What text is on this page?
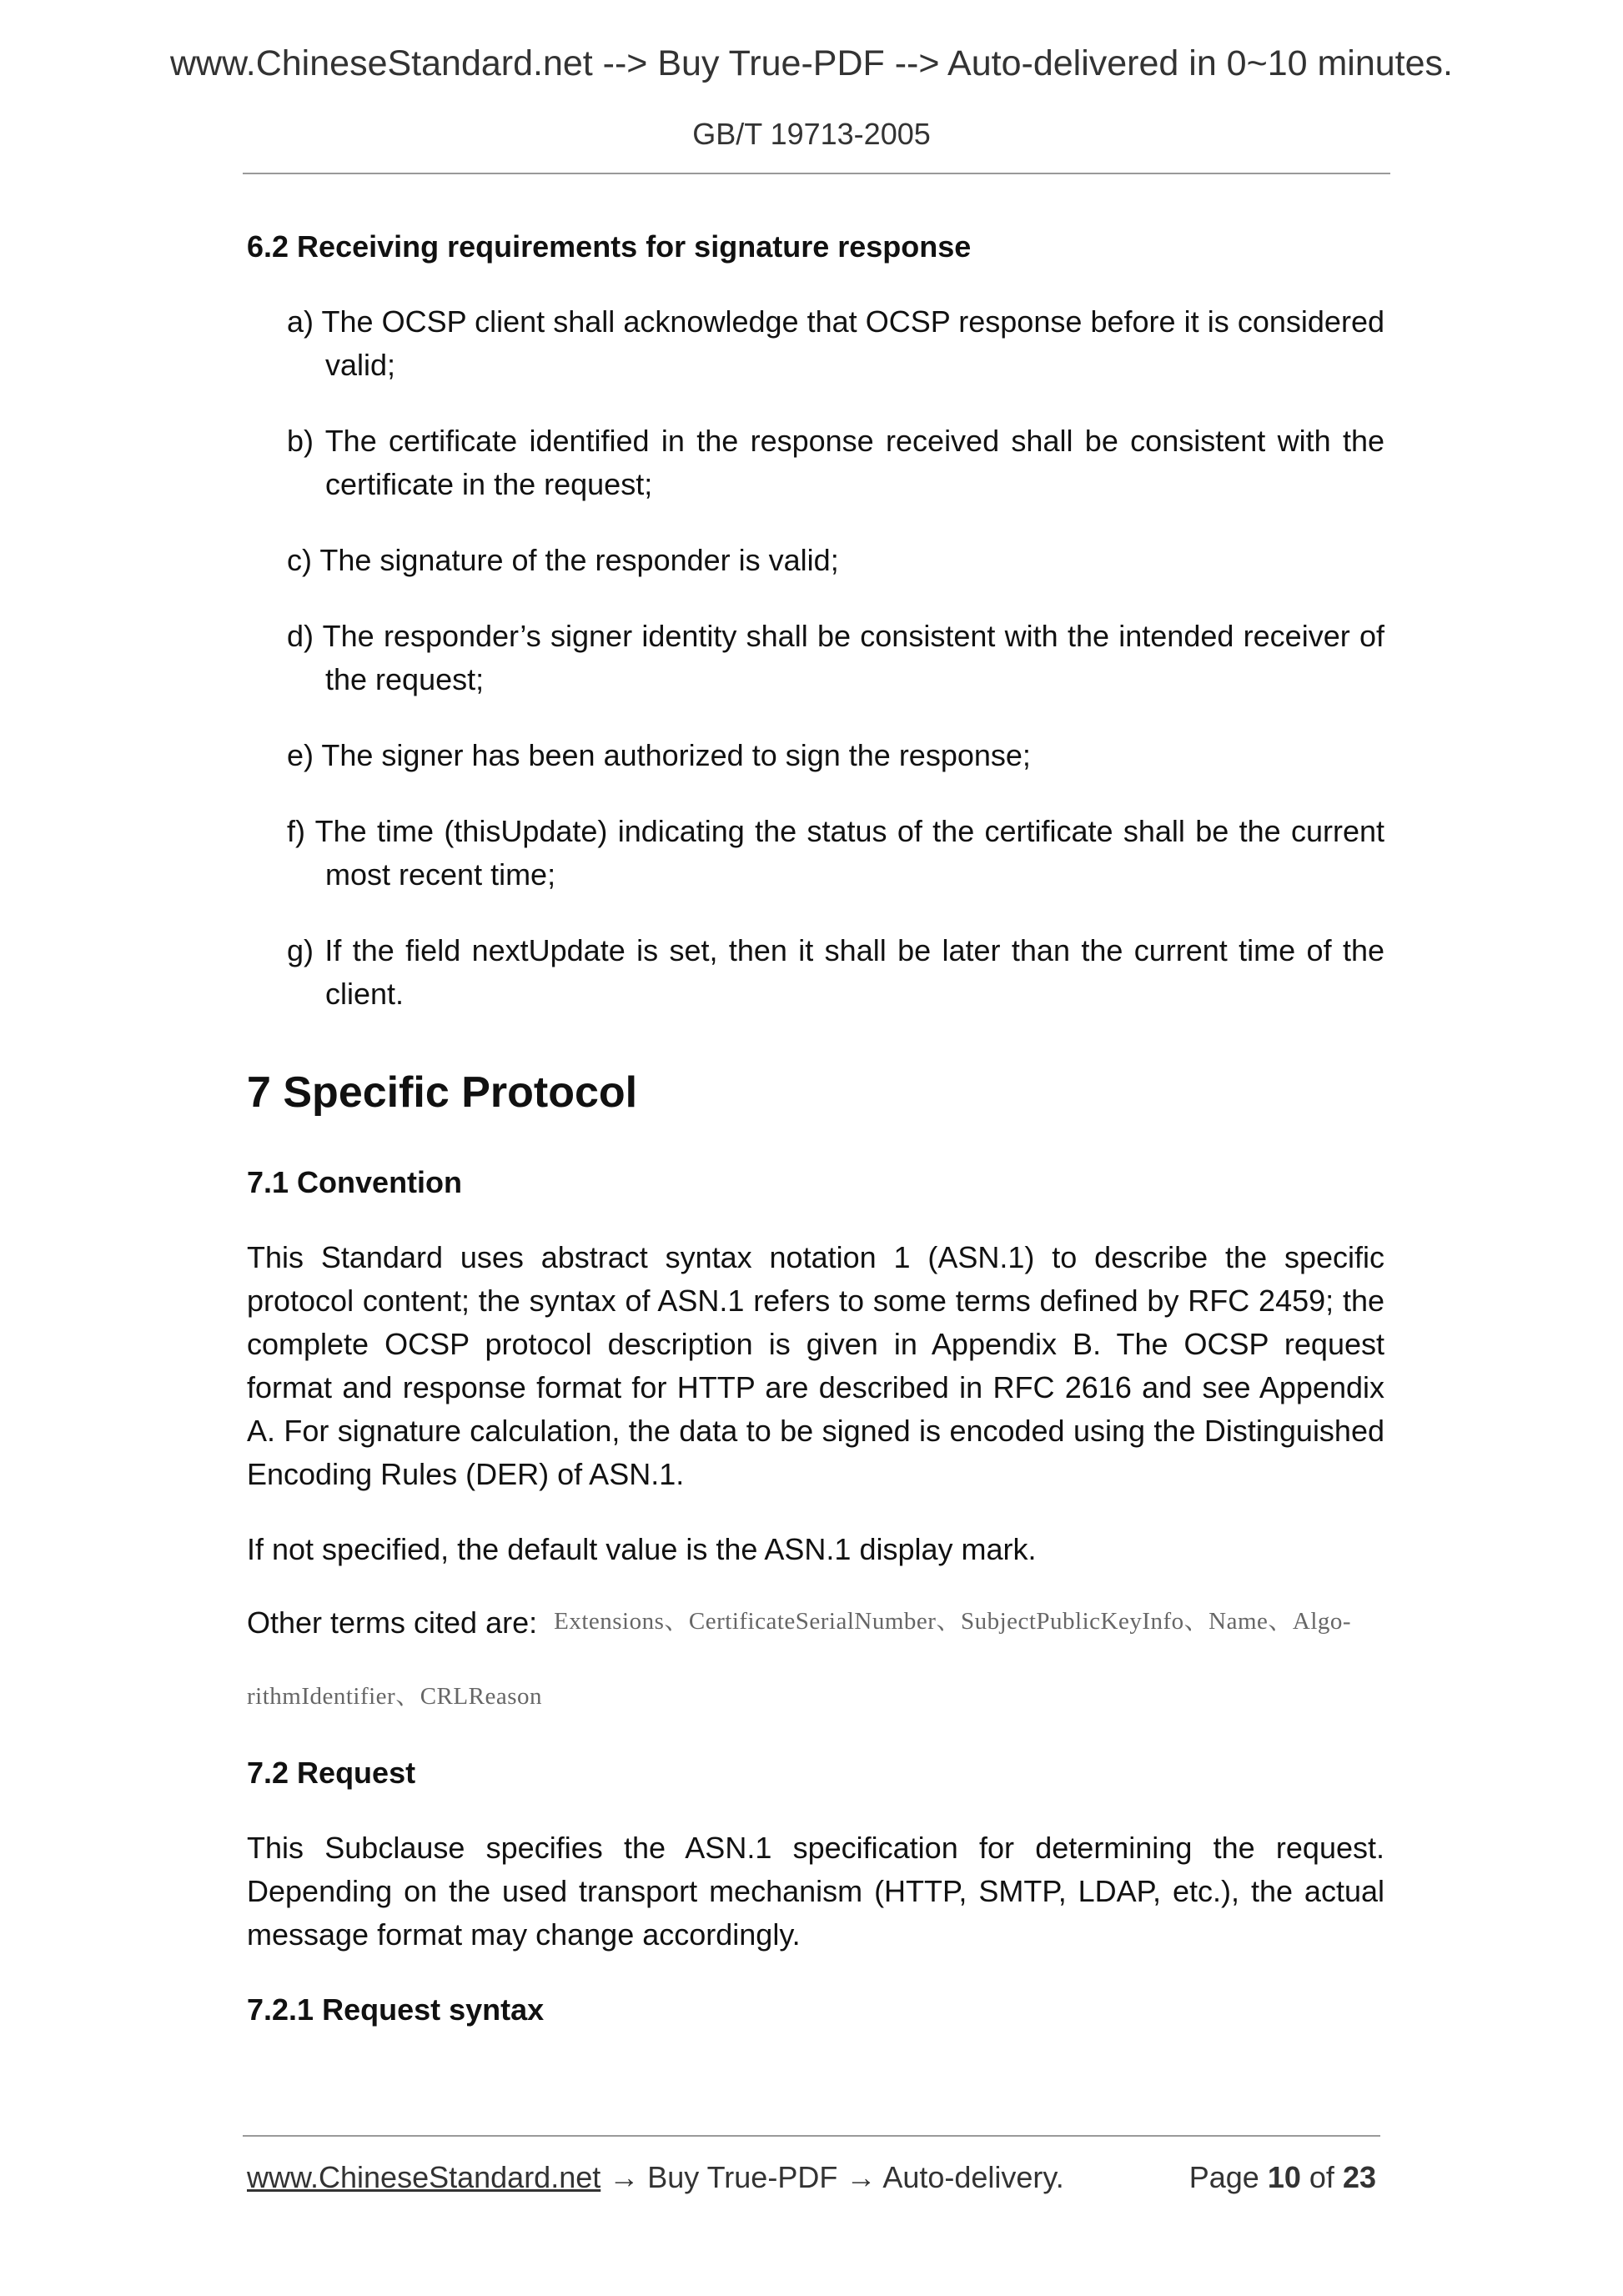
www.ChineseStandard.net --> Buy True-PDF --> Auto-delivered in 0~10 minutes.
GB/T 19713-2005

6.2 Receiving requirements for signature response

a) The OCSP client shall acknowledge that OCSP response before it is considered valid;

b) The certificate identified in the response received shall be consistent with the certificate in the request;

c) The signature of the responder is valid;

d) The responder’s signer identity shall be consistent with the intended receiver of the request;

e) The signer has been authorized to sign the response;

f) The time (thisUpdate) indicating the status of the certificate shall be the current most recent time;

g) If the field nextUpdate is set, then it shall be later than the current time of the client.

7 Specific Protocol

7.1 Convention

This Standard uses abstract syntax notation 1 (ASN.1) to describe the specific protocol content; the syntax of ASN.1 refers to some terms defined by RFC 2459; the complete OCSP protocol description is given in Appendix B. The OCSP request format and response format for HTTP are described in RFC 2616 and see Appendix A. For signature calculation, the data to be signed is encoded using the Distinguished Encoding Rules (DER) of ASN.1.

If not specified, the default value is the ASN.1 display mark.

Other terms cited are: Extensions、CertificateSerialNumber、SubjectPublicKeyInfo、Name、Algo-
rithmIdentifier、CRLReason

7.2 Request

This Subclause specifies the ASN.1 specification for determining the request. Depending on the used transport mechanism (HTTP, SMTP, LDAP, etc.), the actual message format may change accordingly.

7.2.1 Request syntax

www.ChineseStandard.net → Buy True-PDF → Auto-delivery.	Page 10 of 23
